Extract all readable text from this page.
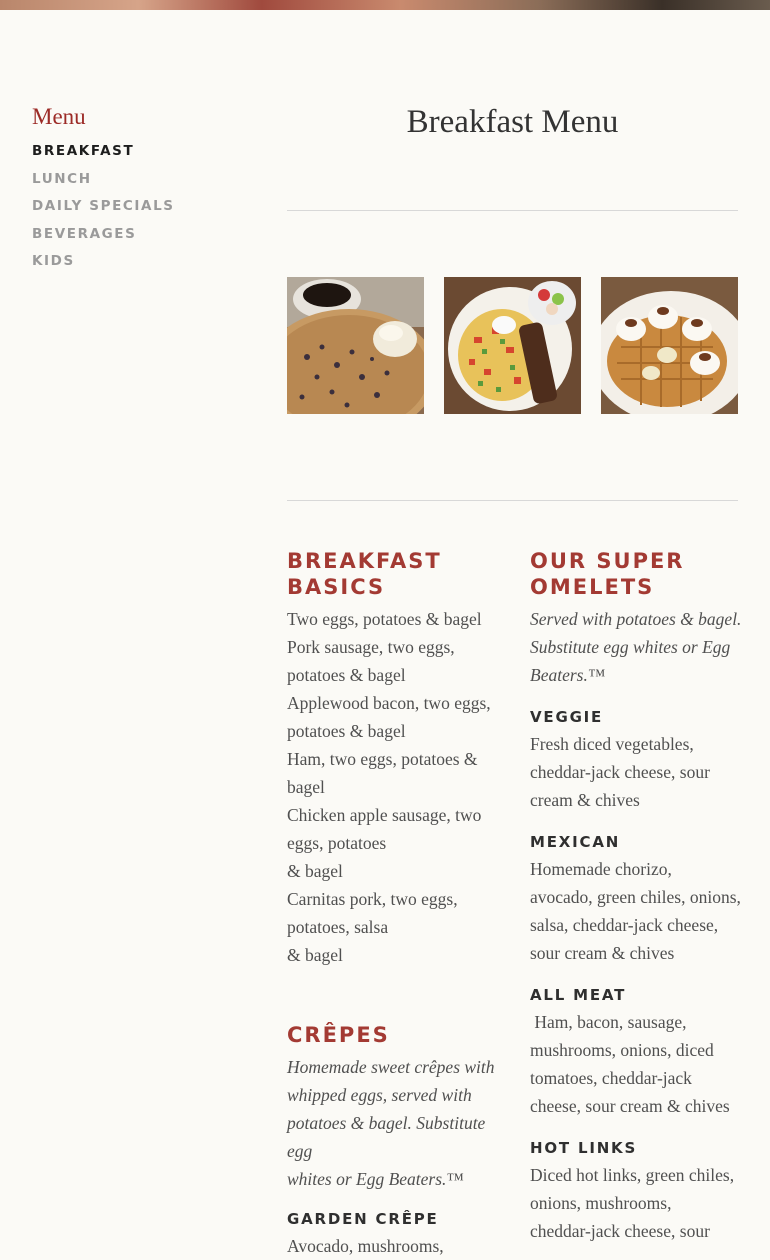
Menu
BREAKFAST
LUNCH
DAILY SPECIALS
BEVERAGES
KIDS
Breakfast Menu
BREAKFAST
BASICS

Two eggs, potatoes & bagel

Pork sausage, two eggs,

potatoes & bagel

Applewood bacon, two eggs,

potatoes & bagel

Ham, two eggs, potatoes &

bagel

Chicken apple sausage, two

eggs, potatoes

& bagel

Carnitas pork, two eggs,

potatoes, salsa

& bagel

CRÊPES

Homemade sweet crêpes with

whipped eggs, served with

potatoes & bagel. Substitute egg

whites or Egg Beaters.™

GARDEN CRÊPE

Avocado, mushrooms,

OUR SUPER
OMELETS

Served with potatoes & bagel.

Substitute egg whites or Egg

Beaters.™

VEGGIE

Fresh diced vegetables,

cheddar-jack cheese, sour

cream & chives

MEXICAN

Homemade chorizo,

avocado, green chiles, onions,

salsa, cheddar-jack cheese,

sour cream & chives

ALL MEAT

Ham, bacon, sausage,

mushrooms, onions, diced

tomatoes, cheddar-jack

cheese, sour cream & chives

HOT LINKS

Diced hot links, green chiles,

onions, mushrooms,

cheddar-jack cheese, sour
